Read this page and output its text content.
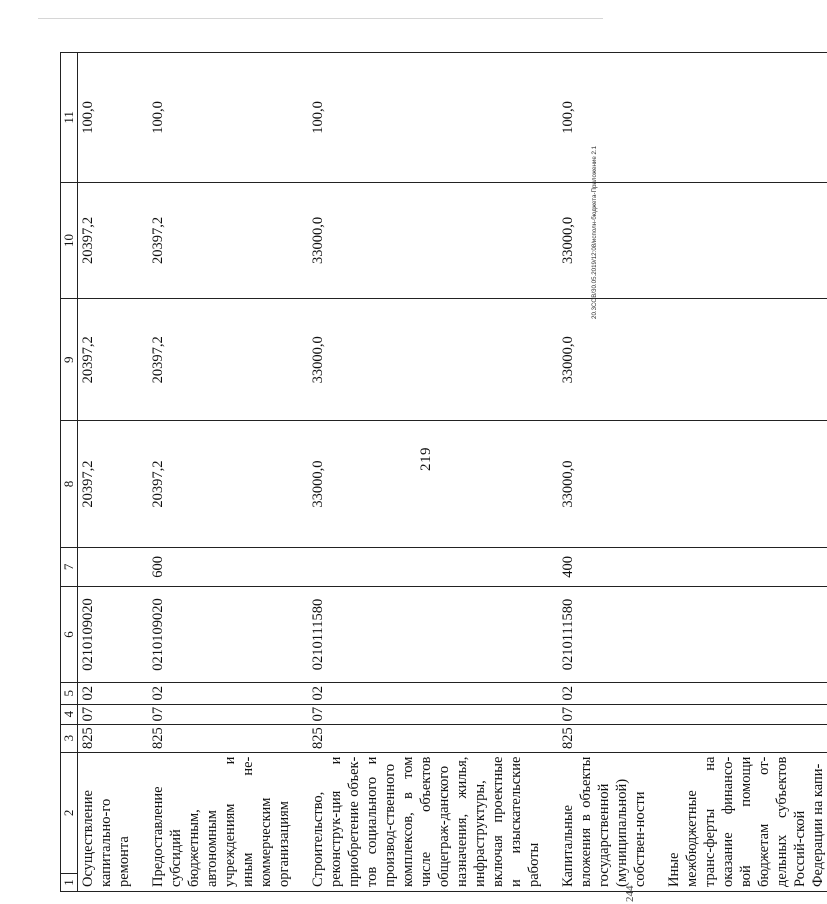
219
1	2	3	4	5	6	7	8	9	10	11
Осуществление капитально-го ремонта		825	07	02	0210109020		20397,2	20397,2	20397,2	100,0
Предоставление субсидий бюджетным, автономным учреждениям и иным не-коммерческим организациям		825	07	02	0210109020	600	20397,2	20397,2	20397,2	100,0
Строительство, реконструк-ция и приобретение объек-тов социального и производ-ственного комплексов, в том числе объектов общеграж-данского назначения, жилья, инфраструктуры, включая проектные и изыскательские работы		825	07	02	0210111580		33000,0	33000,0	33000,0	100,0
Капитальные вложения в объекты государственной (муниципальной) собствен-ности		825	07	02	0210111580	400	33000,0	33000,0	33000,0	100,0
Иные межбюджетные транс-ферты на оказание финансо-вой помощи бюджетам от-дельных субъектов Россий-ской Федерации на капи-										
20.3СОВ/30.05.2019/12:08/исполн-бюджета-Приложение 2.1
244
